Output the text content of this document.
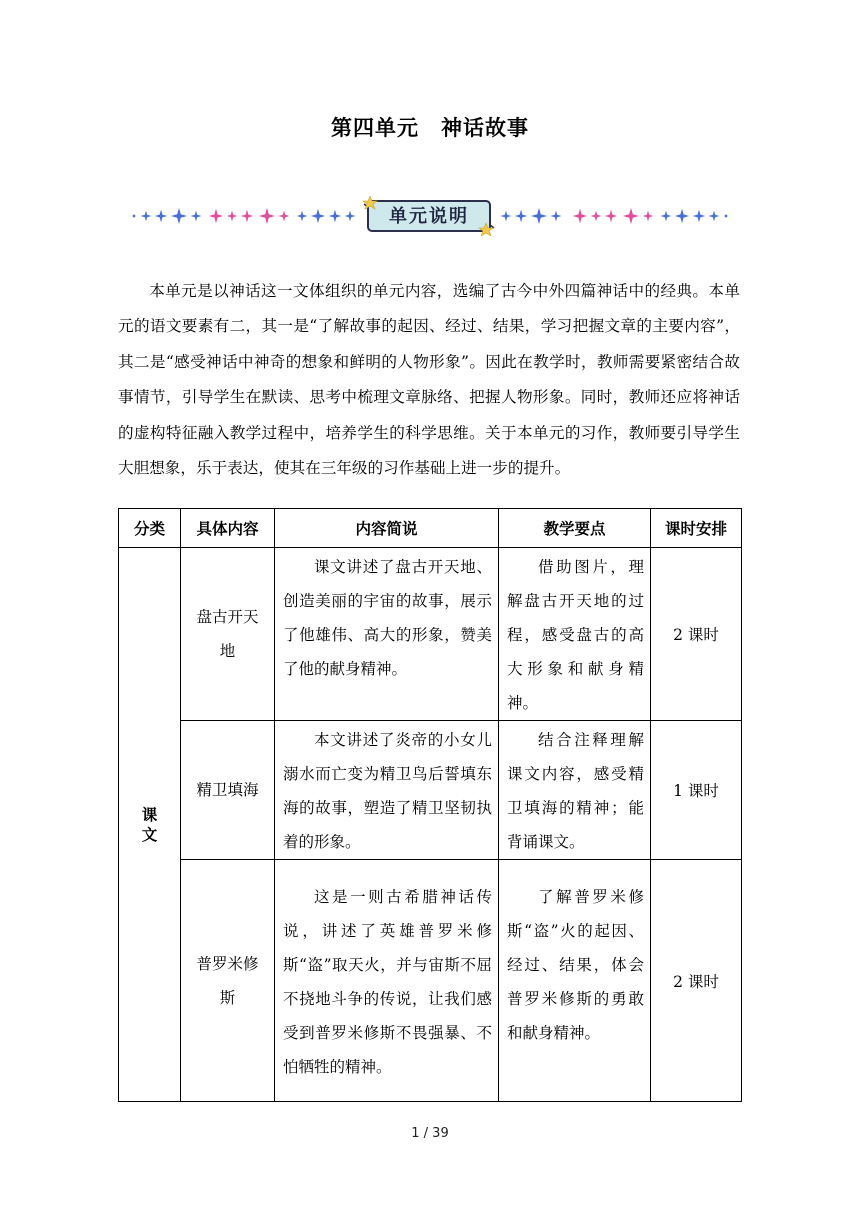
第四单元　神话故事
单元说明

本单元是以神话这一文体组织的单元内容，选编了古今中外四篇神话中的经典。本单元的语文要素有二，其一是“了解故事的起因、经过、结果，学习把握文章的主要内容”，其二是“感受神话中神奇的想象和鲜明的人物形象”。因此在教学时，教师需要紧密结合故事情节，引导学生在默读、思考中梳理文章脉络、把握人物形象。同时，教师还应将神话的虚构特征融入教学过程中，培养学生的科学思维。关于本单元的习作，教师要引导学生大胆想象，乐于表达，使其在三年级的习作基础上进一步的提升。

分类	具体内容	内容简说	教学要点	课时安排

课
文	盘古开天地	课文讲述了盘古开天地、创造美丽的宇宙的故事，展示了他雄伟、高大的形象，赞美了他的献身精神。	借助图片，理解盘古开天地的过程，感受盘古的高大形象和献身精神。	2 课时
	精卫填海	本文讲述了炎帝的小女儿溺水而亡变为精卫鸟后誓填东海的故事，塑造了精卫坚韧执着的形象。	结合注释理解课文内容，感受精卫填海的精神；能背诵课文。	1 课时
	普罗米修斯	这是一则古希腊神话传说，讲述了英雄普罗米修斯“盗”取天火，并与宙斯不屈不挠地斗争的传说，让我们感受到普罗米修斯不畏强暴、不怕牺牲的精神。	了解普罗米修斯“盗”火的起因、经过、结果，体会普罗米修斯的勇敢和献身精神。	2 课时
1 / 39
